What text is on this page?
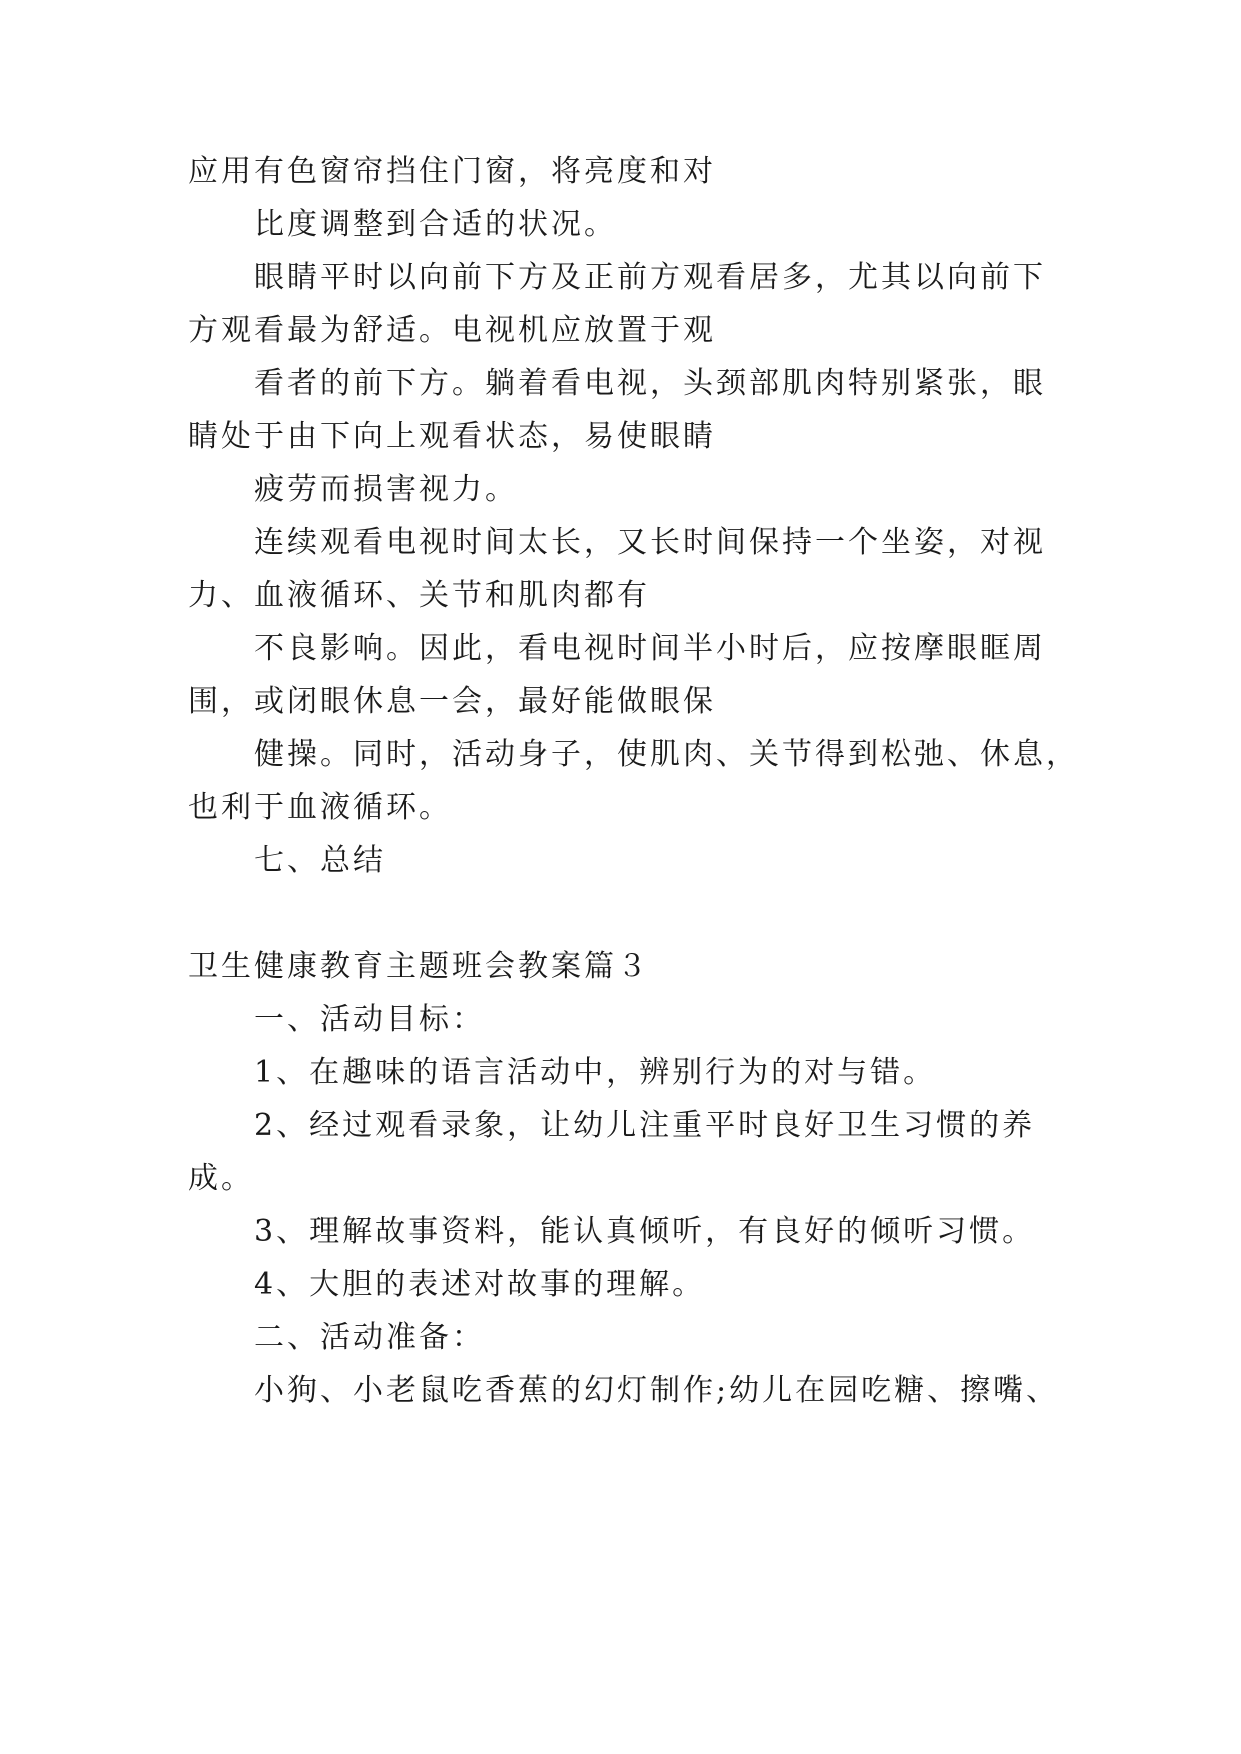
应用有色窗帘挡住门窗，将亮度和对

比度调整到合适的状况。

眼睛平时以向前下方及正前方观看居多，尤其以向前下

方观看最为舒适。电视机应放置于观

看者的前下方。躺着看电视，头颈部肌肉特别紧张，眼

睛处于由下向上观看状态，易使眼睛

疲劳而损害视力。

连续观看电视时间太长，又长时间保持一个坐姿，对视

力、血液循环、关节和肌肉都有

不良影响。因此，看电视时间半小时后，应按摩眼眶周

围，或闭眼休息一会，最好能做眼保

健操。同时，活动身子，使肌肉、关节得到松弛、休息，

也利于血液循环。

七、总结

卫生健康教育主题班会教案篇３

一、活动目标：

1、在趣味的语言活动中，辨别行为的对与错。

2、经过观看录象，让幼儿注重平时良好卫生习惯的养

成。

3、理解故事资料，能认真倾听，有良好的倾听习惯。

4、大胆的表述对故事的理解。

二、活动准备：

小狗、小老鼠吃香蕉的幻灯制作;幼儿在园吃糖、擦嘴、
